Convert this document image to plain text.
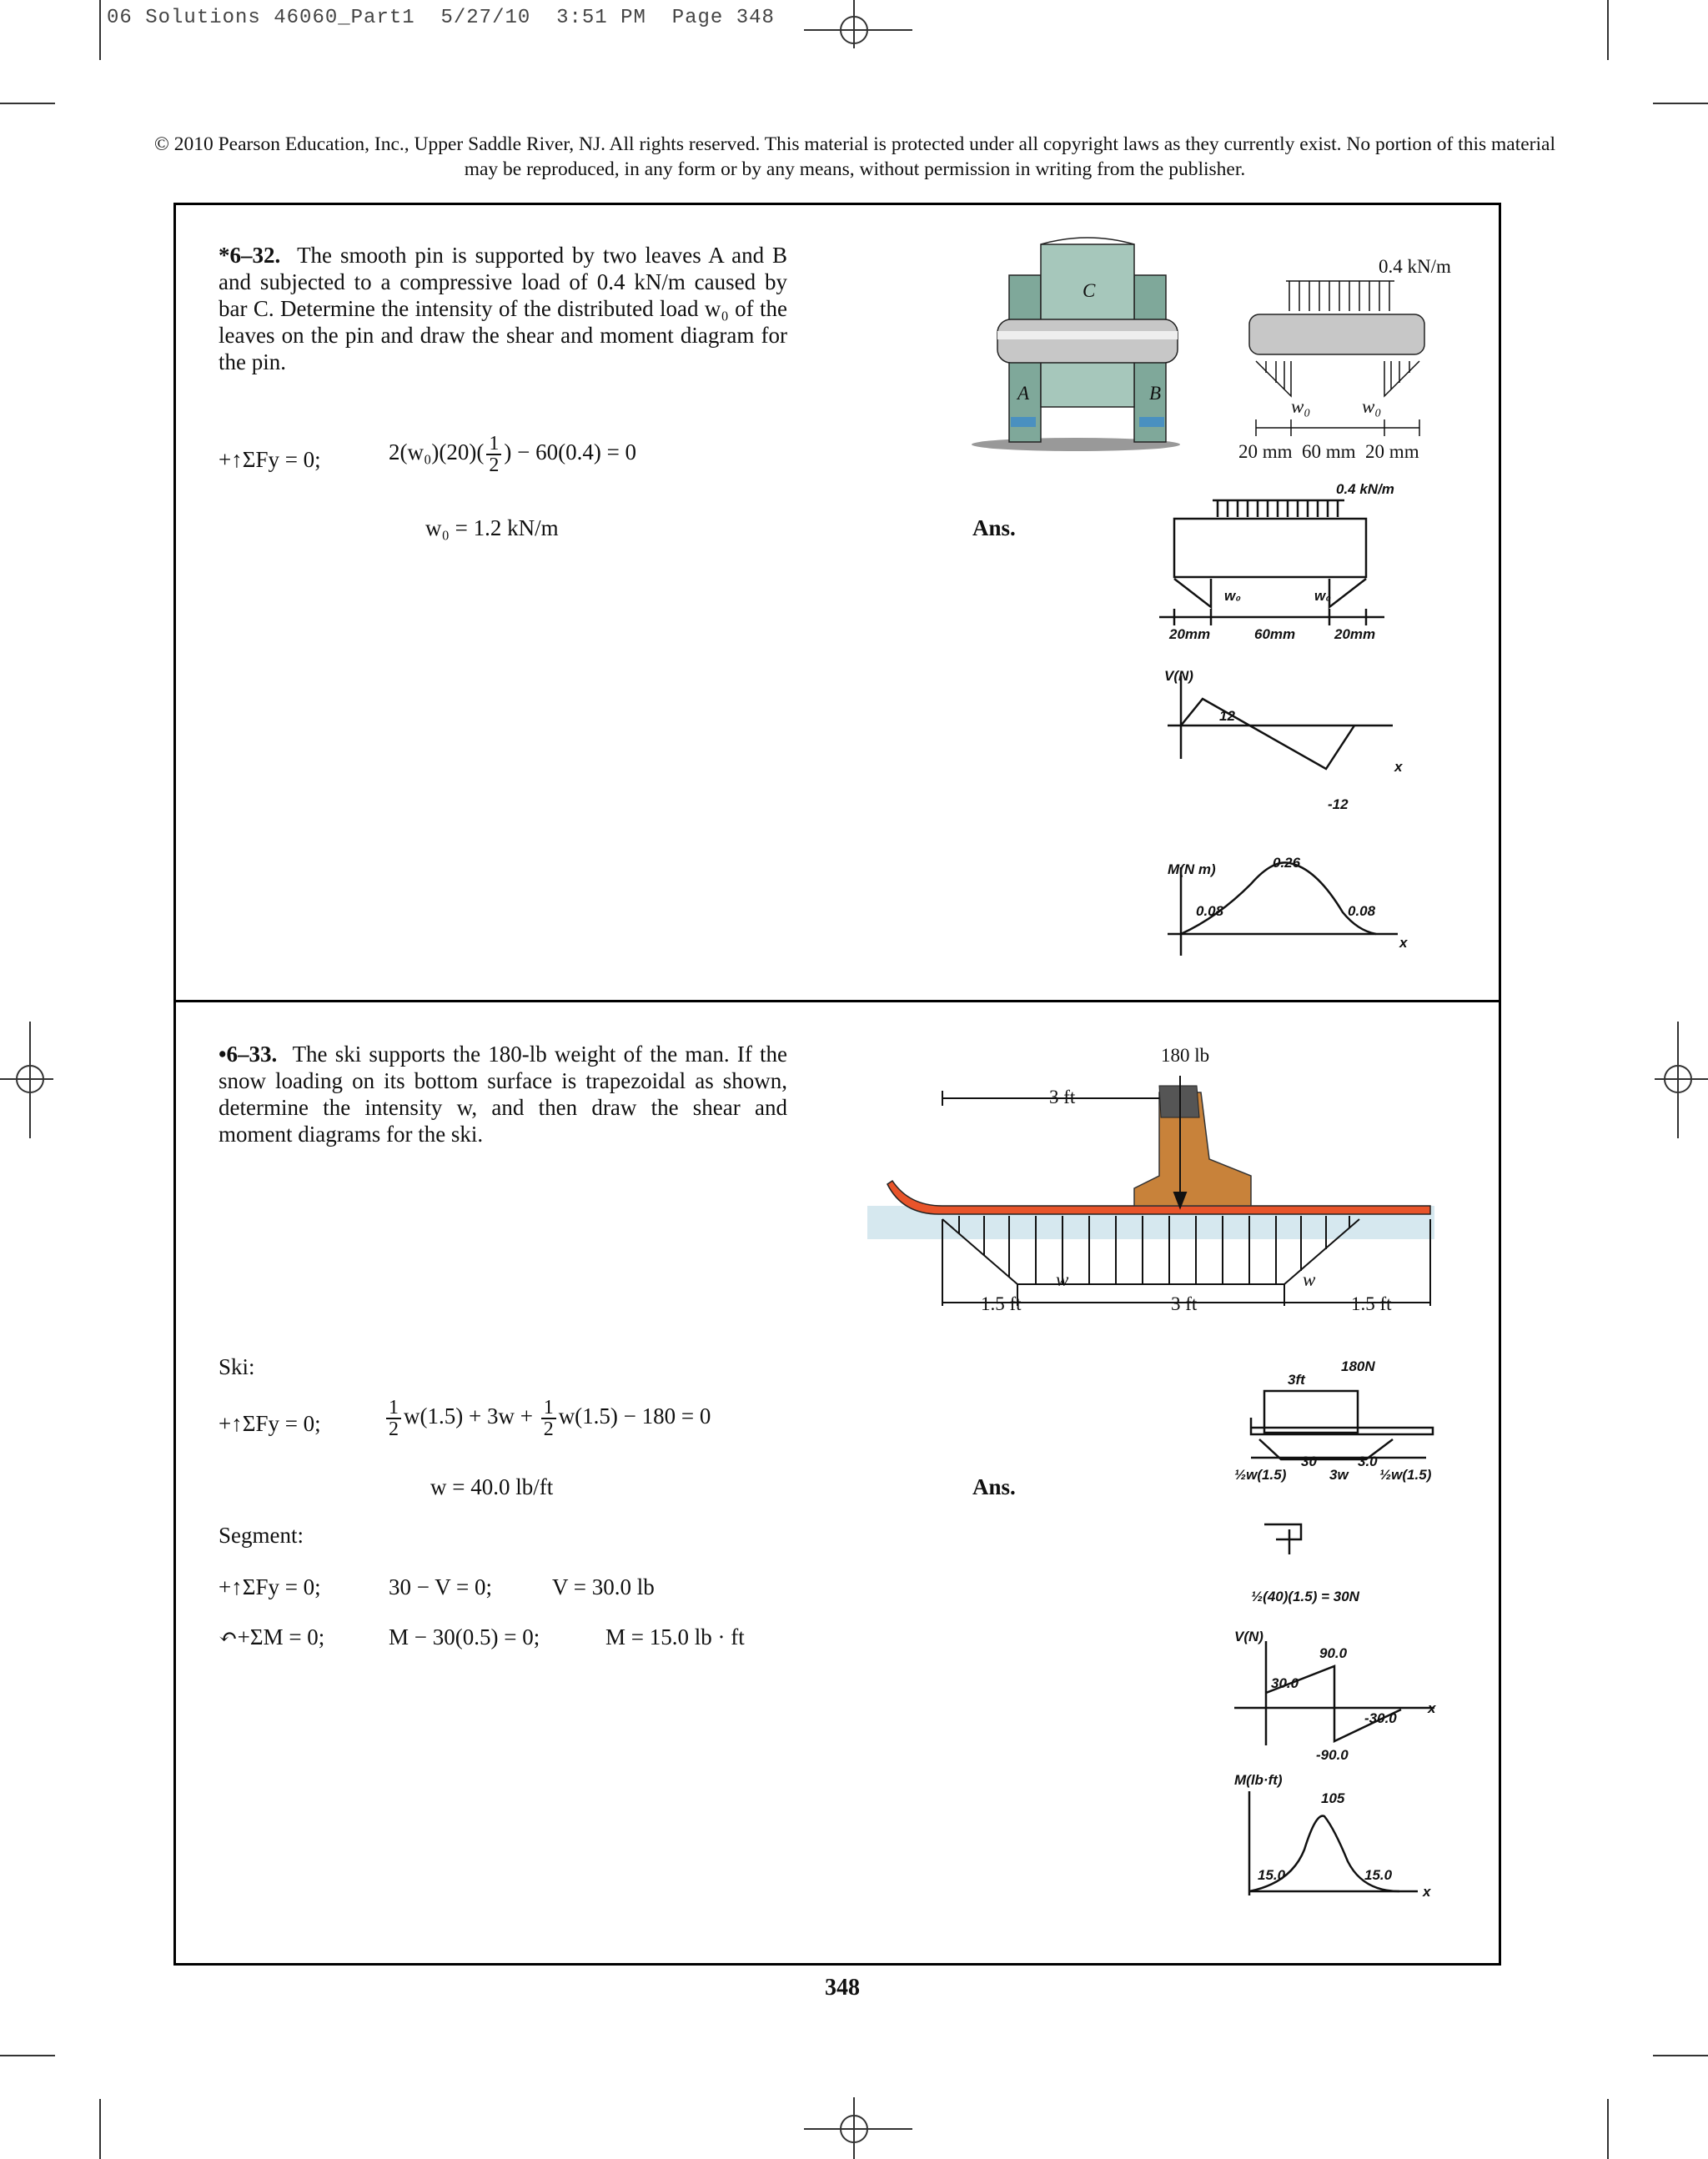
06 Solutions 46060_Part1  5/27/10  3:51 PM  Page 348
© 2010 Pearson Education, Inc., Upper Saddle River, NJ. All rights reserved. This material is protected under all copyright laws as they currently exist. No portion of this material may be reproduced, in any form or by any means, without permission in writing from the publisher.
*6–32. The smooth pin is supported by two leaves A and B and subjected to a compressive load of 0.4 kN/m caused by bar C. Determine the intensity of the distributed load w₀ of the leaves on the pin and draw the shear and moment diagram for the pin.
+↑ΣFy = 0;	$2(w_0)(20)( \frac{1}{2}$ ) − 60(0.4) = 0
w₀ = 1.2 kN/m	Ans.
C
A	B
0.4 kN/m
w₀	w₀
20 mm  60 mm  20 mm
0.4 kN/m
w₀	w₀
20mm	60mm	20mm
V(N)
12
-12
x
M(N m)	0.26
0.08	0.08
x
•6–33. The ski supports the 180-lb weight of the man. If the snow loading on its bottom surface is trapezoidal as shown, determine the intensity w, and then draw the shear and moment diagrams for the ski.
Ski:
+↑ΣFy = 0;	$\frac{1}{2} w(1.5) + 3w + \frac{1}{2} w(1.5) - 180 = 0$
w = 40.0 lb/ft	Ans.
Segment:
+↑ΣFy = 0;	30 − V = 0;	V = 30.0 lb
↶+ΣM = 0;	M − 30(0.5) = 0;	M = 15.0 lb · ft
180 lb
3 ft
w	w
1.5 ft	3 ft	1.5 ft
180N
3ft
30	3.0
½w(1.5)	3w ½w(1.5)
½(40)(1.5) = 30N
V(N)
90.0
30.0
-30.0
-90.0
x
M(lb·ft)
105
15.0	15.0
x
348
